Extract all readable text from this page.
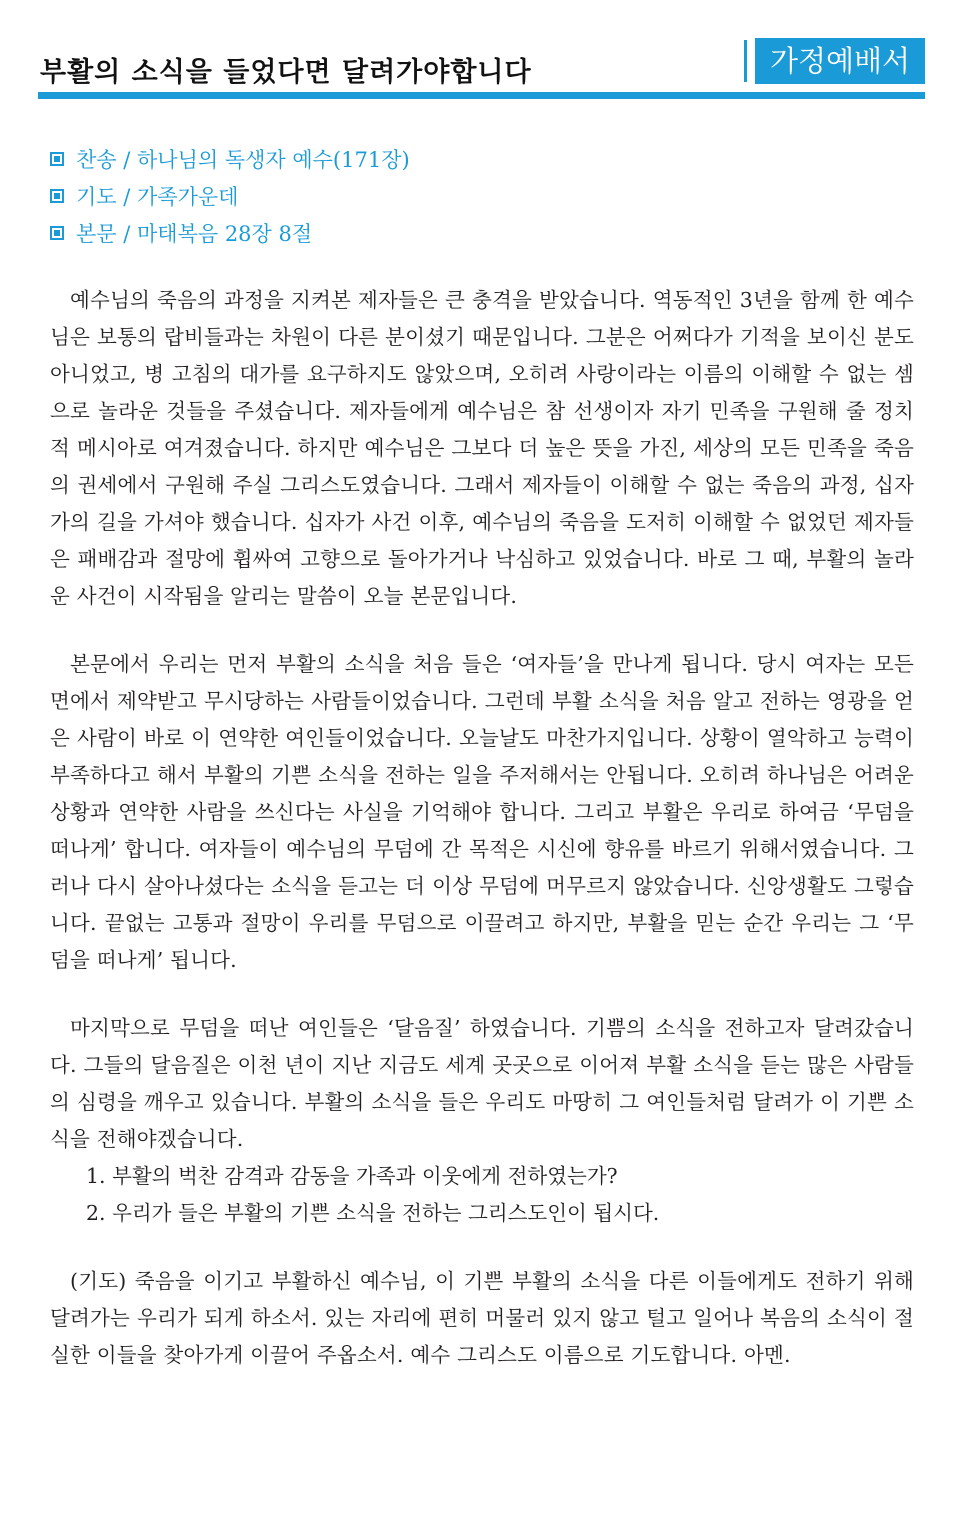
부활의 소식을 들었다면 달려가야합니다	가정예배서
찬송 / 하나님의 독생자 예수(171장)
기도 / 가족가운데
본문 / 마태복음 28장 8절

예수님의 죽음의 과정을 지켜본 제자들은 큰 충격을 받았습니다. 역동적인 3년을 함께 한 예수님은 보통의 랍비들과는 차원이 다른 분이셨기 때문입니다. 그분은 어쩌다가 기적을 보이신 분도 아니었고, 병 고침의 대가를 요구하지도 않았으며, 오히려 사랑이라는 이름의 이해할 수 없는 셈으로 놀라운 것들을 주셨습니다. 제자들에게 예수님은 참 선생이자 자기 민족을 구원해 줄 정치적 메시아로 여겨졌습니다. 하지만 예수님은 그보다 더 높은 뜻을 가진, 세상의 모든 민족을 죽음의 권세에서 구원해 주실 그리스도였습니다. 그래서 제자들이 이해할 수 없는 죽음의 과정, 십자가의 길을 가셔야 했습니다. 십자가 사건 이후, 예수님의 죽음을 도저히 이해할 수 없었던 제자들은 패배감과 절망에 휩싸여 고향으로 돌아가거나 낙심하고 있었습니다. 바로 그 때, 부활의 놀라운 사건이 시작됨을 알리는 말씀이 오늘 본문입니다.

본문에서 우리는 먼저 부활의 소식을 처음 들은 ‘여자들’을 만나게 됩니다. 당시 여자는 모든 면에서 제약받고 무시당하는 사람들이었습니다. 그런데 부활 소식을 처음 알고 전하는 영광을 얻은 사람이 바로 이 연약한 여인들이었습니다. 오늘날도 마찬가지입니다. 상황이 열악하고 능력이 부족하다고 해서 부활의 기쁜 소식을 전하는 일을 주저해서는 안됩니다. 오히려 하나님은 어려운 상황과 연약한 사람을 쓰신다는 사실을 기억해야 합니다. 그리고 부활은 우리로 하여금 ‘무덤을 떠나게’ 합니다. 여자들이 예수님의 무덤에 간 목적은 시신에 향유를 바르기 위해서였습니다. 그러나 다시 살아나셨다는 소식을 듣고는 더 이상 무덤에 머무르지 않았습니다. 신앙생활도 그렇습니다. 끝없는 고통과 절망이 우리를 무덤으로 이끌려고 하지만, 부활을 믿는 순간 우리는 그 ‘무덤을 떠나게’ 됩니다.

마지막으로 무덤을 떠난 여인들은 ‘달음질’ 하였습니다. 기쁨의 소식을 전하고자 달려갔습니다. 그들의 달음질은 이천 년이 지난 지금도 세계 곳곳으로 이어져 부활 소식을 듣는 많은 사람들의 심령을 깨우고 있습니다. 부활의 소식을 들은 우리도 마땅히 그 여인들처럼 달려가 이 기쁜 소식을 전해야겠습니다.

1. 부활의 벅찬 감격과 감동을 가족과 이웃에게 전하였는가?
2. 우리가 들은 부활의 기쁜 소식을 전하는 그리스도인이 됩시다.

(기도) 죽음을 이기고 부활하신 예수님, 이 기쁜 부활의 소식을 다른 이들에게도 전하기 위해 달려가는 우리가 되게 하소서. 있는 자리에 편히 머물러 있지 않고 털고 일어나 복음의 소식이 절실한 이들을 찾아가게 이끌어 주옵소서. 예수 그리스도 이름으로 기도합니다. 아멘.
